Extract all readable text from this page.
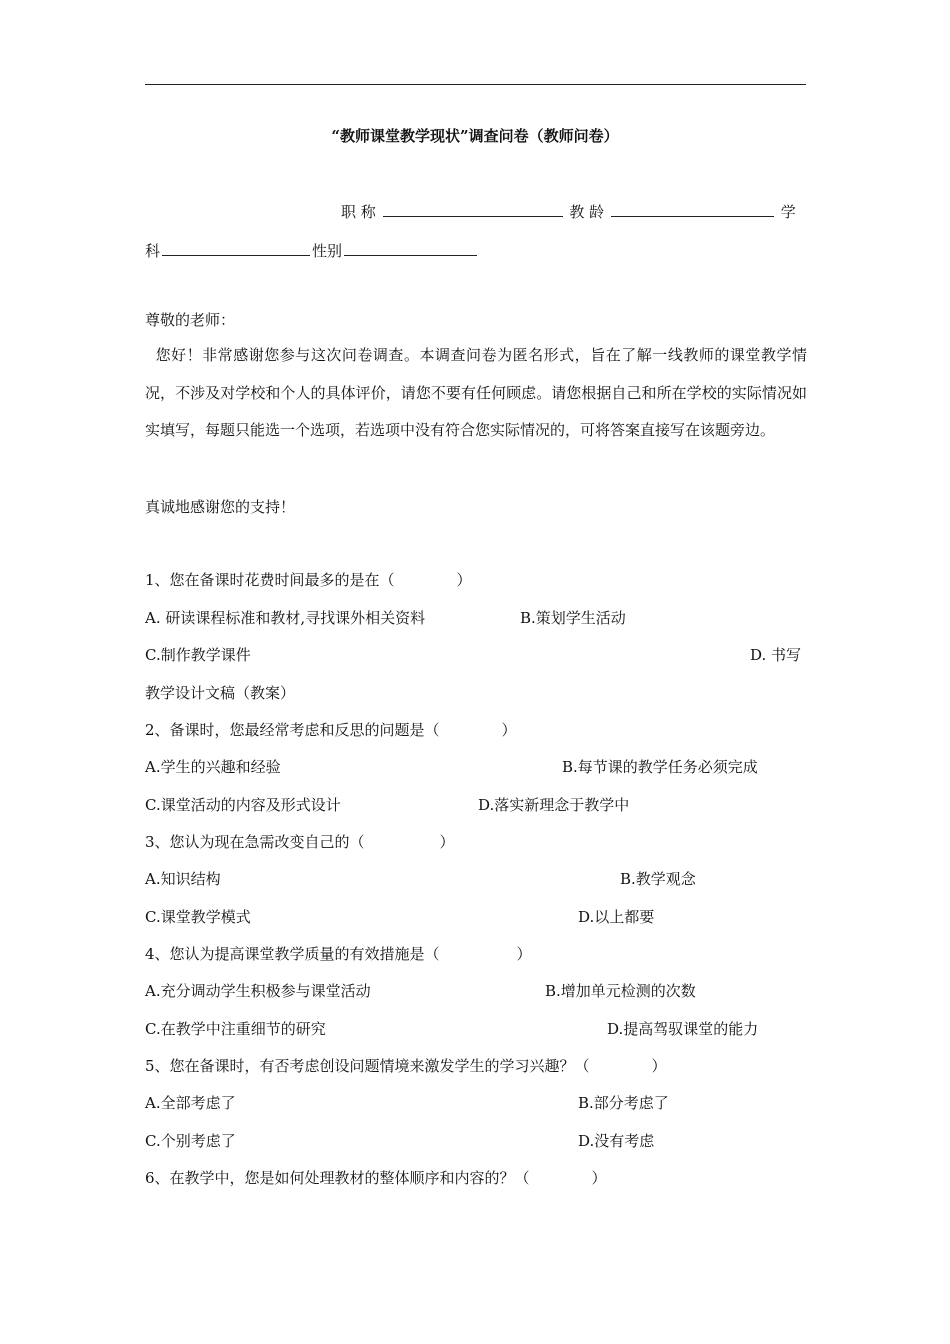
“教师课堂教学现状”调查问卷（教师问卷）
职 称	教 龄	学
科	性别
尊敬的老师：
您好！非常感谢您参与这次问卷调查。本调查问卷为匿名形式，旨在了解一线教师的课堂教学情况，不涉及对学校和个人的具体评价，请您不要有任何顾虑。请您根据自己和所在学校的实际情况如实填写，每题只能选一个选项，若选项中没有符合您实际情况的，可将答案直接写在该题旁边。
真诚地感谢您的支持！
1、您在备课时花费时间最多的是在（	）
A. 研读课程标准和教材,寻找课外相关资料	B.策划学生活动
C.制作教学课件	D. 书写
教学设计文稿（教案）
2、备课时，您最经常考虑和反思的问题是（	）
A.学生的兴趣和经验	B.每节课的教学任务必须完成
C.课堂活动的内容及形式设计	D.落实新理念于教学中
3、您认为现在急需改变自己的（	）
A.知识结构	B.教学观念
C.课堂教学模式	D.以上都要
4、您认为提高课堂教学质量的有效措施是（	）
A.充分调动学生积极参与课堂活动	B.增加单元检测的次数
C.在教学中注重细节的研究	D.提高驾驭课堂的能力
5、您在备课时，有否考虑创设问题情境来激发学生的学习兴趣？（	）
A.全部考虑了	B.部分考虑了
C.个别考虑了	D.没有考虑
6、在教学中，您是如何处理教材的整体顺序和内容的？（	）
